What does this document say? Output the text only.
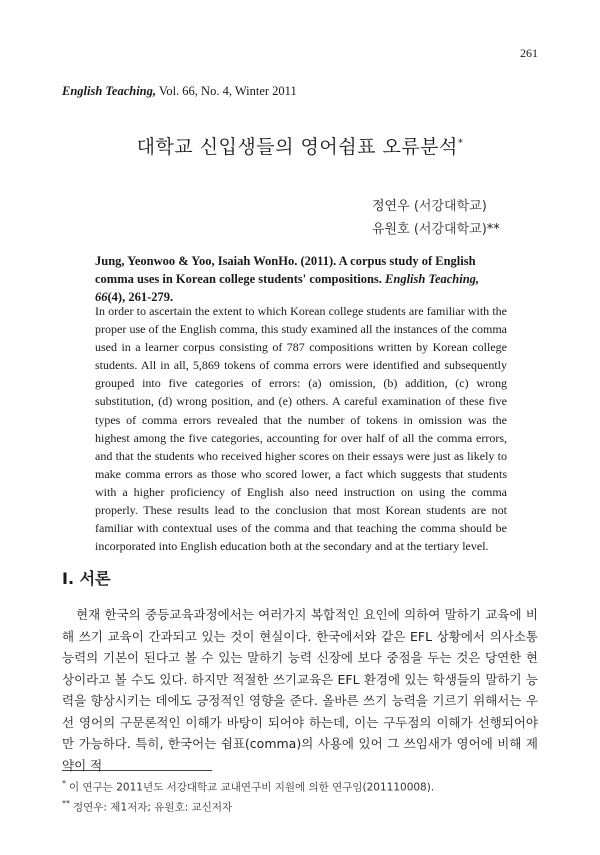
261
English Teaching, Vol. 66, No. 4, Winter 2011
대학교 신입생들의 영어쉼표 오류분석*
정연우 (서강대학교)
유원호 (서강대학교)**
Jung, Yeonwoo & Yoo, Isaiah WonHo. (2011). A corpus study of English comma uses in Korean college students' compositions. English Teaching, 66(4), 261-279.

In order to ascertain the extent to which Korean college students are familiar with the proper use of the English comma, this study examined all the instances of the comma used in a learner corpus consisting of 787 compositions written by Korean college students. All in all, 5,869 tokens of comma errors were identified and subsequently grouped into five categories of errors: (a) omission, (b) addition, (c) wrong substitution, (d) wrong position, and (e) others. A careful examination of these five types of comma errors revealed that the number of tokens in omission was the highest among the five categories, accounting for over half of all the comma errors, and that the students who received higher scores on their essays were just as likely to make comma errors as those who scored lower, a fact which suggests that students with a higher proficiency of English also need instruction on using the comma properly. These results lead to the conclusion that most Korean students are not familiar with contextual uses of the comma and that teaching the comma should be incorporated into English education both at the secondary and at the tertiary level.

I. 서론

현재 한국의 중등교육과정에서는 여러가지 복합적인 요인에 의하여 말하기 교육에 비해 쓰기 교육이 간과되고 있는 것이 현실이다. 한국에서와 같은 EFL 상황에서 의사소통 능력의 기본이 된다고 볼 수 있는 말하기 능력 신장에 보다 중점을 두는 것은 당연한 현상이라고 볼 수도 있다. 하지만 적절한 쓰기교육은 EFL 환경에 있는 학생들의 말하기 능력을 향상시키는 데에도 긍정적인 영향을 준다. 올바른 쓰기 능력을 기르기 위해서는 우선 영어의 구문론적인 이해가 바탕이 되어야 하는데, 이는 구두점의 이해가 선행되어야만 가능하다. 특히, 한국어는 쉼표(comma)의 사용에 있어 그 쓰임새가 영어에 비해 제약이 적

* 이 연구는 2011년도 서강대학교 교내연구비 지원에 의한 연구임(201110008).

** 정연우: 제1저자; 유원호: 교신저자
